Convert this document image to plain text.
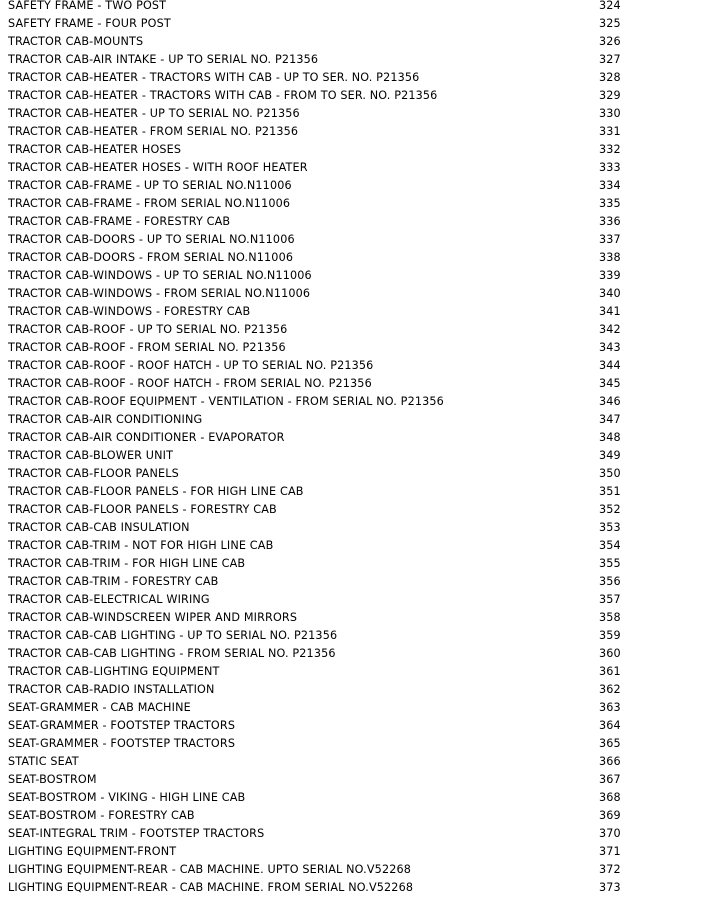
SAFETY FRAME - TWO POST	324
SAFETY FRAME - FOUR POST	325
TRACTOR CAB-MOUNTS	326
TRACTOR CAB-AIR INTAKE - UP TO SERIAL NO. P21356	327
TRACTOR CAB-HEATER - TRACTORS WITH CAB - UP TO SER. NO. P21356	328
TRACTOR CAB-HEATER - TRACTORS WITH CAB - FROM TO SER. NO. P21356	329
TRACTOR CAB-HEATER - UP TO SERIAL NO. P21356	330
TRACTOR CAB-HEATER - FROM SERIAL NO. P21356	331
TRACTOR CAB-HEATER HOSES	332
TRACTOR CAB-HEATER HOSES - WITH ROOF HEATER	333
TRACTOR CAB-FRAME - UP TO SERIAL NO.N11006	334
TRACTOR CAB-FRAME - FROM SERIAL NO.N11006	335
TRACTOR CAB-FRAME - FORESTRY CAB	336
TRACTOR CAB-DOORS - UP TO SERIAL NO.N11006	337
TRACTOR CAB-DOORS - FROM SERIAL NO.N11006	338
TRACTOR CAB-WINDOWS - UP TO SERIAL NO.N11006	339
TRACTOR CAB-WINDOWS - FROM SERIAL NO.N11006	340
TRACTOR CAB-WINDOWS - FORESTRY CAB	341
TRACTOR CAB-ROOF - UP TO SERIAL NO. P21356	342
TRACTOR CAB-ROOF - FROM SERIAL NO. P21356	343
TRACTOR CAB-ROOF - ROOF HATCH - UP TO SERIAL NO. P21356	344
TRACTOR CAB-ROOF - ROOF HATCH - FROM SERIAL NO. P21356	345
TRACTOR CAB-ROOF EQUIPMENT - VENTILATION - FROM SERIAL NO. P21356	346
TRACTOR CAB-AIR CONDITIONING	347
TRACTOR CAB-AIR CONDITIONER - EVAPORATOR	348
TRACTOR CAB-BLOWER UNIT	349
TRACTOR CAB-FLOOR PANELS	350
TRACTOR CAB-FLOOR PANELS - FOR HIGH LINE CAB	351
TRACTOR CAB-FLOOR PANELS - FORESTRY CAB	352
TRACTOR CAB-CAB INSULATION	353
TRACTOR CAB-TRIM - NOT FOR HIGH LINE CAB	354
TRACTOR CAB-TRIM - FOR HIGH LINE CAB	355
TRACTOR CAB-TRIM - FORESTRY CAB	356
TRACTOR CAB-ELECTRICAL WIRING	357
TRACTOR CAB-WINDSCREEN WIPER AND MIRRORS	358
TRACTOR CAB-CAB LIGHTING - UP TO SERIAL NO. P21356	359
TRACTOR CAB-CAB LIGHTING - FROM SERIAL NO. P21356	360
TRACTOR CAB-LIGHTING EQUIPMENT	361
TRACTOR CAB-RADIO INSTALLATION	362
SEAT-GRAMMER - CAB MACHINE	363
SEAT-GRAMMER - FOOTSTEP TRACTORS	364
SEAT-GRAMMER - FOOTSTEP TRACTORS	365
STATIC SEAT	366
SEAT-BOSTROM	367
SEAT-BOSTROM - VIKING - HIGH LINE CAB	368
SEAT-BOSTROM - FORESTRY CAB	369
SEAT-INTEGRAL TRIM - FOOTSTEP TRACTORS	370
LIGHTING EQUIPMENT-FRONT	371
LIGHTING EQUIPMENT-REAR - CAB MACHINE. UPTO SERIAL NO.V52268	372
LIGHTING EQUIPMENT-REAR - CAB MACHINE. FROM SERIAL NO.V52268	373
